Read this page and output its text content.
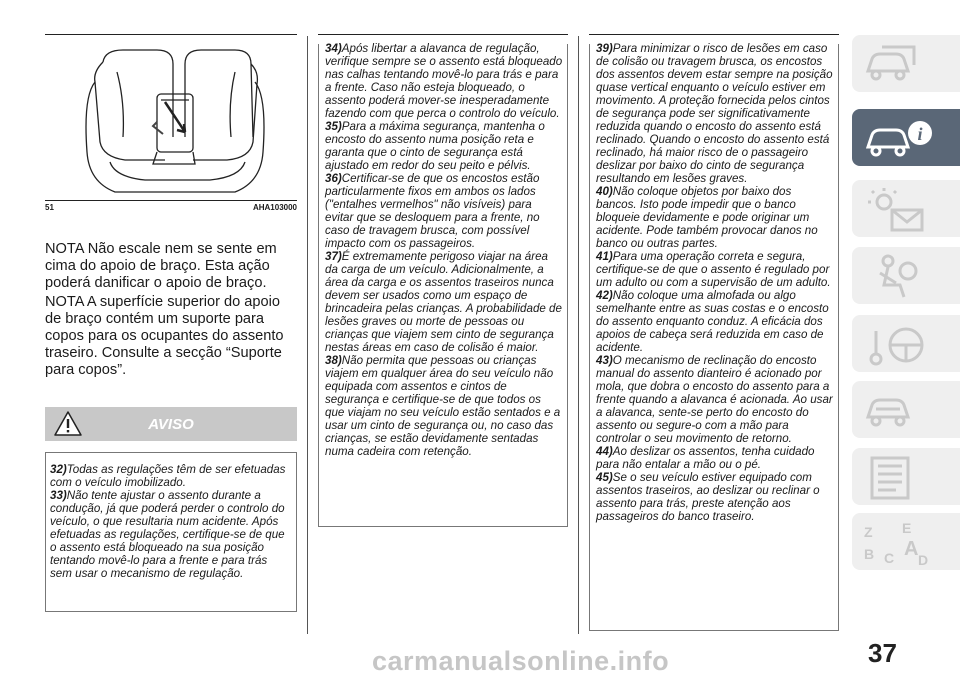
51	AHA103000
NOTA Não escale nem se sente em cima do apoio de braço. Esta ação poderá danificar o apoio de braço.
NOTA A superfície superior do apoio de braço contém um suporte para copos para os ocupantes do assento traseiro. Consulte a secção “Suporte para copos”.
AVISO

32)Todas as regulações têm de ser efetuadas com o veículo imobilizado.

33)Não tente ajustar o assento durante a condução, já que poderá perder o controlo do veículo, o que resultaria num acidente. Após efetuadas as regulações, certifique-se de que o assento está bloqueado na sua posição tentando movê-lo para a frente e para trás sem usar o mecanismo de regulação.

34)Após libertar a alavanca de regulação, verifique sempre se o assento está bloqueado nas calhas tentando movê-lo para trás e para a frente. Caso não esteja bloqueado, o assento poderá mover-se inesperadamente fazendo com que perca o controlo do veículo.

35)Para a máxima segurança, mantenha o encosto do assento numa posição reta e garanta que o cinto de segurança está ajustado em redor do seu peito e pélvis.

36)Certificar-se de que os encostos estão particularmente fixos em ambos os lados ("entalhes vermelhos" não visíveis) para evitar que se desloquem para a frente, no caso de travagem brusca, com possível impacto com os passageiros.

37)É extremamente perigoso viajar na área da carga de um veículo. Adicionalmente, a área da carga e os assentos traseiros nunca devem ser usados como um espaço de brincadeira pelas crianças. A probabilidade de lesões graves ou morte de pessoas ou crianças que viajem sem cinto de segurança nestas áreas em caso de colisão é maior.

38)Não permita que pessoas ou crianças viajem em qualquer área do seu veículo não equipada com assentos e cintos de segurança e certifique-se de que todos os que viajam no seu veículo estão sentados e a usar um cinto de segurança ou, no caso das crianças, se estão devidamente sentadas numa cadeira com retenção.

39)Para minimizar o risco de lesões em caso de colisão ou travagem brusca, os encostos dos assentos devem estar sempre na posição quase vertical enquanto o veículo estiver em movimento. A proteção fornecida pelos cintos de segurança pode ser significativamente reduzida quando o encosto do assento está reclinado. Quando o encosto do assento está reclinado, há maior risco de o passageiro deslizar por baixo do cinto de segurança resultando em lesões graves.

40)Não coloque objetos por baixo dos bancos. Isto pode impedir que o banco bloqueie devidamente e pode originar um acidente. Pode também provocar danos no banco ou outras partes.

41)Para uma operação correta e segura, certifique-se de que o assento é regulado por um adulto ou com a supervisão de um adulto.

42)Não coloque uma almofada ou algo semelhante entre as suas costas e o encosto do assento enquanto conduz. A eficácia dos apoios de cabeça será reduzida em caso de acidente.

43)O mecanismo de reclinação do encosto manual do assento dianteiro é acionado por mola, que dobra o encosto do assento para a frente quando a alavanca é acionada. Ao usar a alavanca, sente-se perto do encosto do assento ou segure-o com a mão para controlar o seu movimento de retorno.

44)Ao deslizar os assentos, tenha cuidado para não entalar a mão ou o pé.

45)Se o seu veículo estiver equipado com assentos traseiros, ao deslizar ou reclinar o assento para trás, preste atenção aos passageiros do banco traseiro.

i
Z E
B C A D
37
carmanualsonline.info
